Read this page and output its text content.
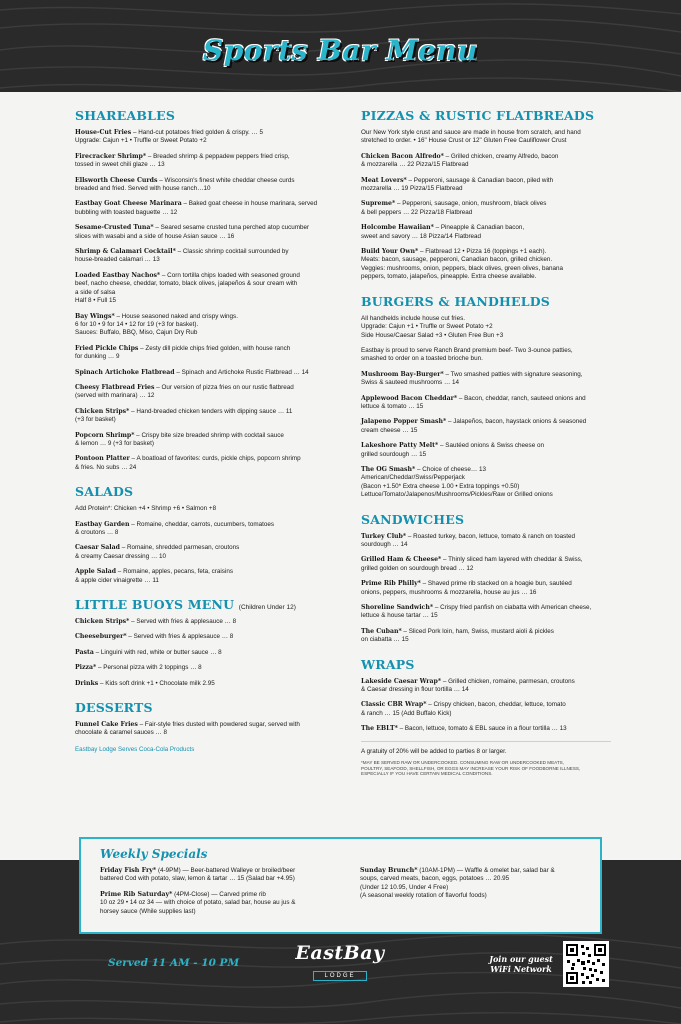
Sports Bar Menu
SHAREABLES
House-Cut Fries – Hand-cut potatoes fried golden & crispy. … 5
Upgrade: Cajun +1 • Truffle or Sweet Potato +2
Firecracker Shrimp* – Breaded shrimp & peppadew peppers fried crisp,
tossed in sweet chili glaze … 13
Ellsworth Cheese Curds – Wisconsin's finest white cheddar cheese curds
breaded and fried. Served with house ranch…10
Eastbay Goat Cheese Marinara – Baked goat cheese in house marinara, served
bubbling with toasted baguette … 12
Sesame-Crusted Tuna* – Seared sesame crusted tuna perched atop cucumber
slices with wasabi and a side of house Asian sauce … 16
Shrimp & Calamari Cocktail* – Classic shrimp cocktail surrounded by
house-breaded calamari … 13
Loaded Eastbay Nachos* – Corn tortilla chips loaded with seasoned ground
beef, nacho cheese, cheddar, tomato, black olives, jalapeños & sour cream with
a side of salsa
Half 8 • Full 15
Bay Wings* – House seasoned naked and crispy wings.
6 for 10 • 9 for 14 • 12 for 19 (+3 for basket).
Sauces: Buffalo, BBQ, Miso, Cajun Dry Rub
Fried Pickle Chips – Zesty dill pickle chips fried golden, with house ranch
for dunking … 9
Spinach Artichoke Flatbread – Spinach and Artichoke Rustic Flatbread … 14
Cheesy Flatbread Fries – Our version of pizza fries on our rustic flatbread
(served with marinara) … 12
Chicken Strips* – Hand-breaded chicken tenders with dipping sauce … 11
(+3 for basket)
Popcorn Shrimp* – Crispy bite size breaded shrimp with cocktail sauce
& lemon … 9 (+3 for basket)
Pontoon Platter – A boatload of favorites: curds, pickle chips, popcorn shrimp
& fries. No subs … 24
SALADS
Add Protein*: Chicken +4 • Shrimp +6 • Salmon +8
Eastbay Garden – Romaine, cheddar, carrots, cucumbers, tomatoes
& croutons … 8
Caesar Salad – Romaine, shredded parmesan, croutons
& creamy Caesar dressing … 10
Apple Salad – Romaine, apples, pecans, feta, craisins
& apple cider vinaigrette … 11
LITTLE BUOYS MENU (Children Under 12)
Chicken Strips* – Served with fries & applesauce … 8
Cheeseburger* – Served with fries & applesauce … 8
Pasta – Linguini with red, white or butter sauce … 8
Pizza* – Personal pizza with 2 toppings … 8
Drinks – Kids soft drink +1 • Chocolate milk 2.95
DESSERTS
Funnel Cake Fries – Fair-style fries dusted with powdered sugar, served with
chocolate & caramel sauces … 8
Eastbay Lodge Serves Coca-Cola Products
PIZZAS & RUSTIC FLATBREADS
Our New York style crust and sauce are made in house from scratch, and hand
stretched to order. • 16" House Crust or 12" Gluten Free Cauliflower Crust
Chicken Bacon Alfredo* – Grilled chicken, creamy Alfredo, bacon
& mozzarella … 22 Pizza/15 Flatbread
Meat Lovers* – Pepperoni, sausage & Canadian bacon, piled with
mozzarella … 19 Pizza/15 Flatbread
Supreme* – Pepperoni, sausage, onion, mushroom, black olives
& bell peppers … 22 Pizza/18 Flatbread
Holcombe Hawaiian* – Pineapple & Canadian bacon,
sweet and savory … 18 Pizza/14 Flatbread
Build Your Own* – Flatbread 12 • Pizza 16 (toppings +1 each).
Meats: bacon, sausage, pepperoni, Canadian bacon, grilled chicken.
Veggies: mushrooms, onion, peppers, black olives, green olives, banana
peppers, tomato, jalapeños, pineapple. Extra cheese available.
BURGERS & HANDHELDS
All handhelds include house cut fries.
Upgrade: Cajun +1 • Truffle or Sweet Potato +2
Side House/Caesar Salad +3 • Gluten Free Bun +3
Eastbay is proud to serve Ranch Brand premium beef- Two 3-ounce patties,
smashed to order on a toasted brioche bun.
Mushroom Bay-Burger* – Two smashed patties with signature seasoning,
Swiss & sauteed mushrooms … 14
Applewood Bacon Cheddar* – Bacon, cheddar, ranch, sauteed onions and
lettuce & tomato … 15
Jalapeno Popper Smash* – Jalapeños, bacon, haystack onions & seasoned
cream cheese … 15
Lakeshore Patty Melt* – Sautéed onions & Swiss cheese on
grilled sourdough … 15
The OG Smash* – Choice of cheese… 13
American/Cheddar/Swiss/Pepperjack
(Bacon +1.50* Extra cheese 1.00 • Extra toppings +0.50)
Lettuce/Tomato/Jalapenos/Mushrooms/Pickles/Raw or Grilled onions
SANDWICHES
Turkey Club* – Roasted turkey, bacon, lettuce, tomato & ranch on toasted
sourdough … 14
Grilled Ham & Cheese* – Thinly sliced ham layered with cheddar & Swiss,
grilled golden on sourdough bread … 12
Prime Rib Philly* – Shaved prime rib stacked on a hoagie bun, sautéed
onions, peppers, mushrooms & mozzarella, house au jus … 16
Shoreline Sandwich* – Crispy fried panfish on ciabatta with American cheese,
lettuce & house tartar … 15
The Cuban* – Sliced Pork loin, ham, Swiss, mustard aioli & pickles
on ciabatta … 15
WRAPS
Lakeside Caesar Wrap* – Grilled chicken, romaine, parmesan, croutons
& Caesar dressing in flour tortilla … 14
Classic CBR Wrap* – Crispy chicken, bacon, cheddar, lettuce, tomato
& ranch … 15 (Add Buffalo Kick)
The EBLT* – Bacon, lettuce, tomato & EBL sauce in a flour tortilla … 13
A gratuity of 20% will be added to parties 8 or larger.
*MAY BE SERVED RAW OR UNDERCOOKED. CONSUMING RAW OR UNDERCOOKED MEATS,
POULTRY, SEAFOOD, SHELLFISH, OR EGGS MAY INCREASE YOUR RISK OF FOODBORNE ILLNESS,
ESPECIALLY IF YOU HAVE CERTAIN MEDICAL CONDITIONS.
Weekly Specials
Friday Fish Fry* (4-9PM) — Beer-battered Walleye or broiled/beer
battered Cod with potato, slaw, lemon & tartar … 15 (Salad bar +4.95)
Prime Rib Saturday* (4PM-Close) — Carved prime rib
10 oz 29 • 14 oz 34 — with choice of potato, salad bar, house au jus &
horsey sauce (While supplies last)
Sunday Brunch* (10AM-1PM) — Waffle & omelet bar, salad bar &
soups, carved meats, bacon, eggs, potatoes … 20.95
(Under 12 10.95, Under 4 Free)
(A seasonal weekly rotation of flavorful foods)
Served 11 AM - 10 PM	EastBay
LODGE
Join our guest
WiFi Network
